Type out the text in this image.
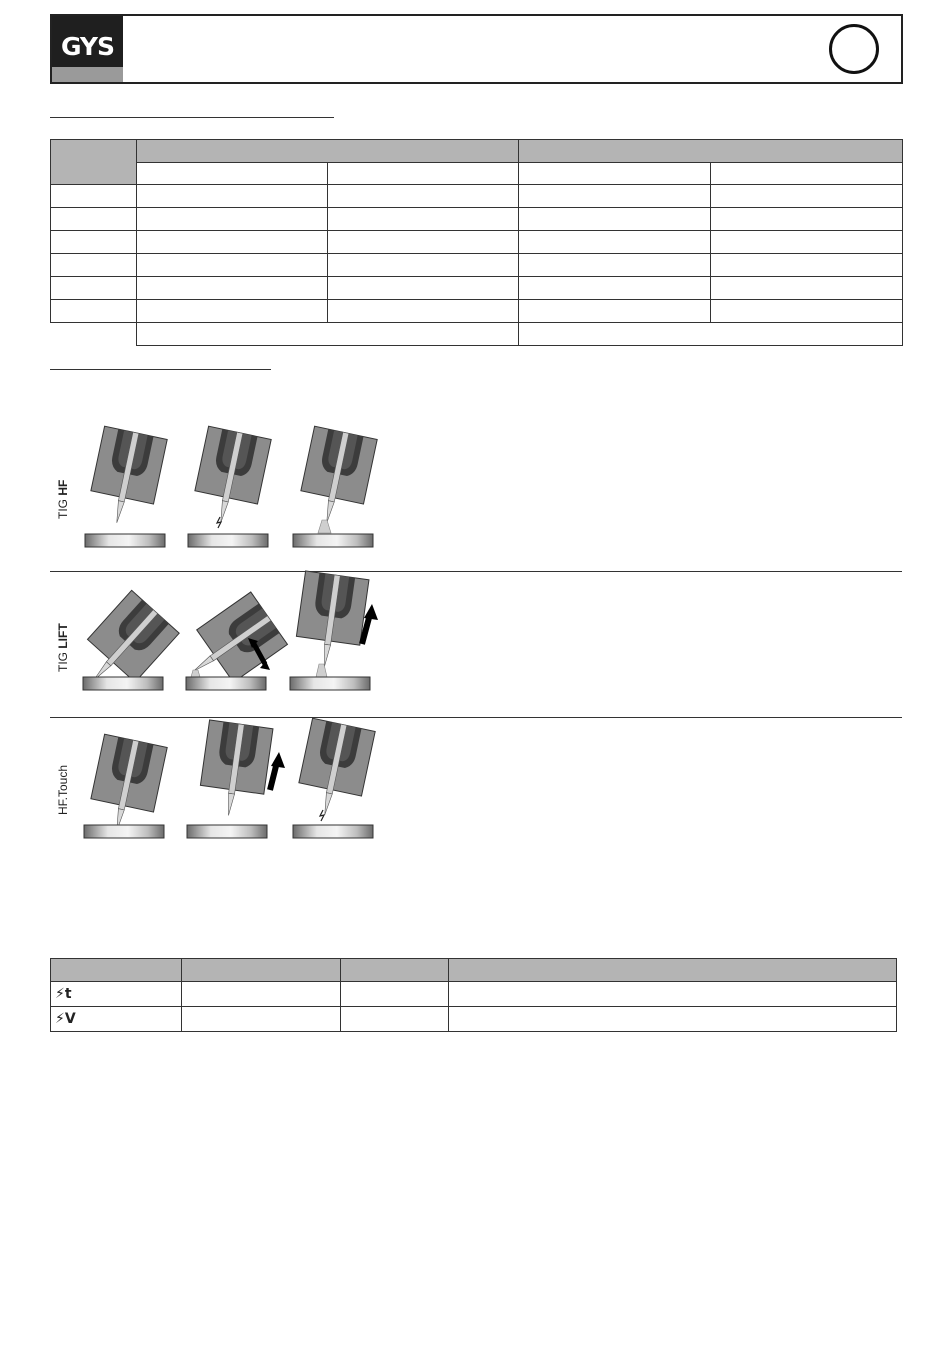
GYS

TIG HF
TIG LIFT
HF.Touch

⚡t			
⚡V			
